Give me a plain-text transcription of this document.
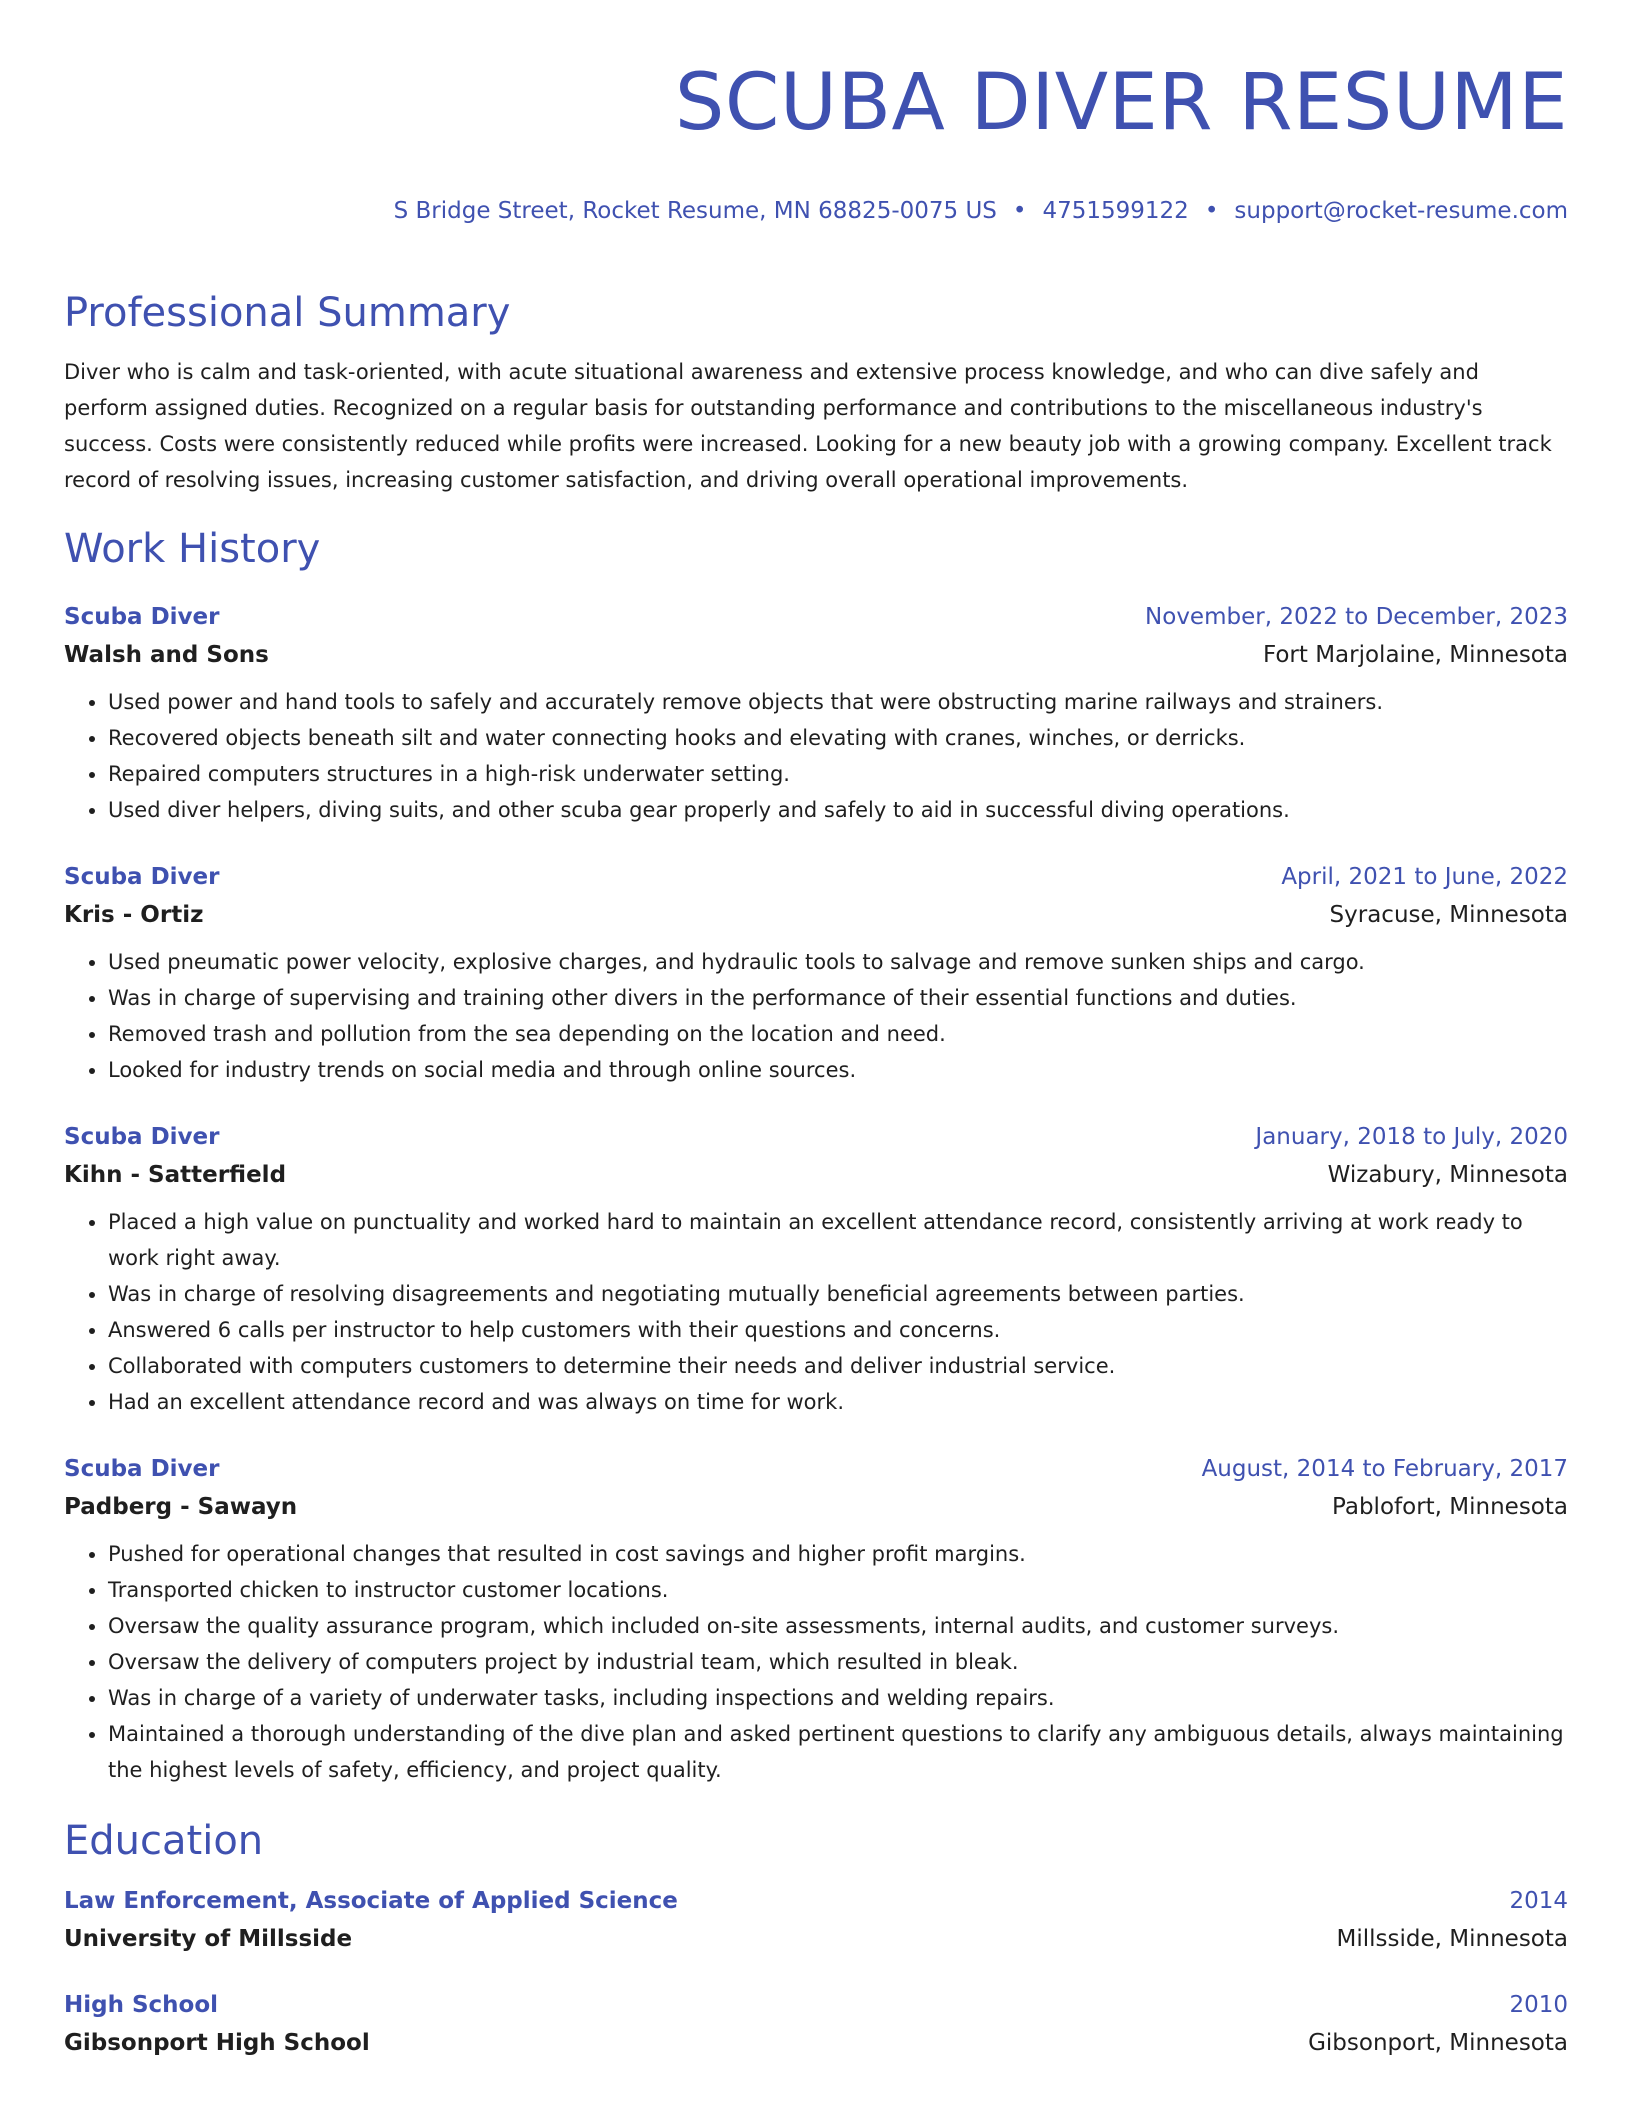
SCUBA DIVER RESUME
S Bridge Street, Rocket Resume, MN 68825-0075 US • 4751599122 • support@rocket-resume.com
Professional Summary

Diver who is calm and task-oriented, with acute situational awareness and extensive process knowledge, and who can dive safely and perform assigned duties. Recognized on a regular basis for outstanding performance and contributions to the miscellaneous industry's success. Costs were consistently reduced while profits were increased. Looking for a new beauty job with a growing company. Excellent track record of resolving issues, increasing customer satisfaction, and driving overall operational improvements.

Work History
Scuba Diver	November, 2022 to December, 2023
Walsh and Sons	Fort Marjolaine, Minnesota
• Used power and hand tools to safely and accurately remove objects that were obstructing marine railways and strainers.
• Recovered objects beneath silt and water connecting hooks and elevating with cranes, winches, or derricks.
• Repaired computers structures in a high-risk underwater setting.
• Used diver helpers, diving suits, and other scuba gear properly and safely to aid in successful diving operations.
Scuba Diver	April, 2021 to June, 2022
Kris - Ortiz	Syracuse, Minnesota
• Used pneumatic power velocity, explosive charges, and hydraulic tools to salvage and remove sunken ships and cargo.
• Was in charge of supervising and training other divers in the performance of their essential functions and duties.
• Removed trash and pollution from the sea depending on the location and need.
• Looked for industry trends on social media and through online sources.
Scuba Diver	January, 2018 to July, 2020
Kihn - Satterfield	Wizabury, Minnesota
• Placed a high value on punctuality and worked hard to maintain an excellent attendance record, consistently arriving at work ready to work right away.
• Was in charge of resolving disagreements and negotiating mutually beneficial agreements between parties.
• Answered 6 calls per instructor to help customers with their questions and concerns.
• Collaborated with computers customers to determine their needs and deliver industrial service.
• Had an excellent attendance record and was always on time for work.
Scuba Diver	August, 2014 to February, 2017
Padberg - Sawayn	Pablofort, Minnesota
• Pushed for operational changes that resulted in cost savings and higher profit margins.
• Transported chicken to instructor customer locations.
• Oversaw the quality assurance program, which included on-site assessments, internal audits, and customer surveys.
• Oversaw the delivery of computers project by industrial team, which resulted in bleak.
• Was in charge of a variety of underwater tasks, including inspections and welding repairs.
• Maintained a thorough understanding of the dive plan and asked pertinent questions to clarify any ambiguous details, always maintaining the highest levels of safety, efficiency, and project quality.
Education
Law Enforcement, Associate of Applied Science	2014
University of Millsside	Millsside, Minnesota
High School	2010
Gibsonport High School	Gibsonport, Minnesota
